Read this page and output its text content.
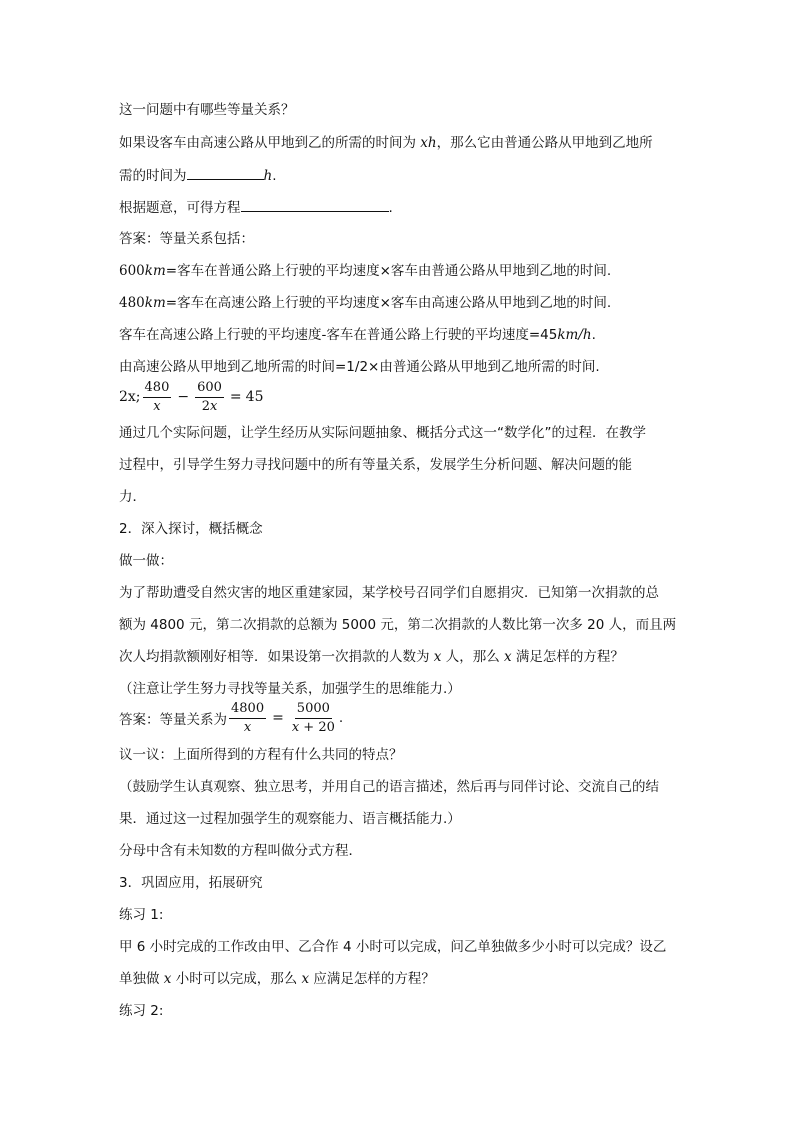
这一问题中有哪些等量关系？
如果设客车由高速公路从甲地到乙的所需的时间为 xh，那么它由普通公路从甲地到乙地所
需的时间为	h.
根据题意，可得方程	.
答案：等量关系包括：
600km=客车在普通公路上行驶的平均速度×客车由普通公路从甲地到乙地的时间.
480km=客车在高速公路上行驶的平均速度×客车由高速公路从甲地到乙地的时间.
客车在高速公路上行驶的平均速度-客车在普通公路上行驶的平均速度=45km/h.
由高速公路从甲地到乙地所需的时间=1/2×由普通公路从甲地到乙地所需的时间.
2x; $\frac{480}{x} - \frac{600}{2x} = 45$
通过几个实际问题，让学生经历从实际问题抽象、概括分式这一“数学化”的过程．在教学
过程中，引导学生努力寻找问题中的所有等量关系，发展学生分析问题、解决问题的能
力．
2．深入探讨，概括概念
做一做：
为了帮助遭受自然灾害的地区重建家园，某学校号召同学们自愿捐灾．已知第一次捐款的总
额为 4800 元，第二次捐款的总额为 5000 元，第二次捐款的人数比第一次多 20 人，而且两
次人均捐款额刚好相等．如果设第一次捐款的人数为 x 人，那么 x 满足怎样的方程？
（注意让学生努力寻找等量关系，加强学生的思维能力.）
答案：等量关系为 $\frac{4800}{x} = \frac{5000}{x + 20}$ .
议一议：上面所得到的方程有什么共同的特点？
（鼓励学生认真观察、独立思考，并用自己的语言描述，然后再与同伴讨论、交流自己的结
果．通过这一过程加强学生的观察能力、语言概括能力.）
分母中含有未知数的方程叫做分式方程．
3．巩固应用，拓展研究
练习 1:
甲 6 小时完成的工作改由甲、乙合作 4 小时可以完成，问乙单独做多少小时可以完成？设乙
单独做 x 小时可以完成，那么 x 应满足怎样的方程？
练习 2:
